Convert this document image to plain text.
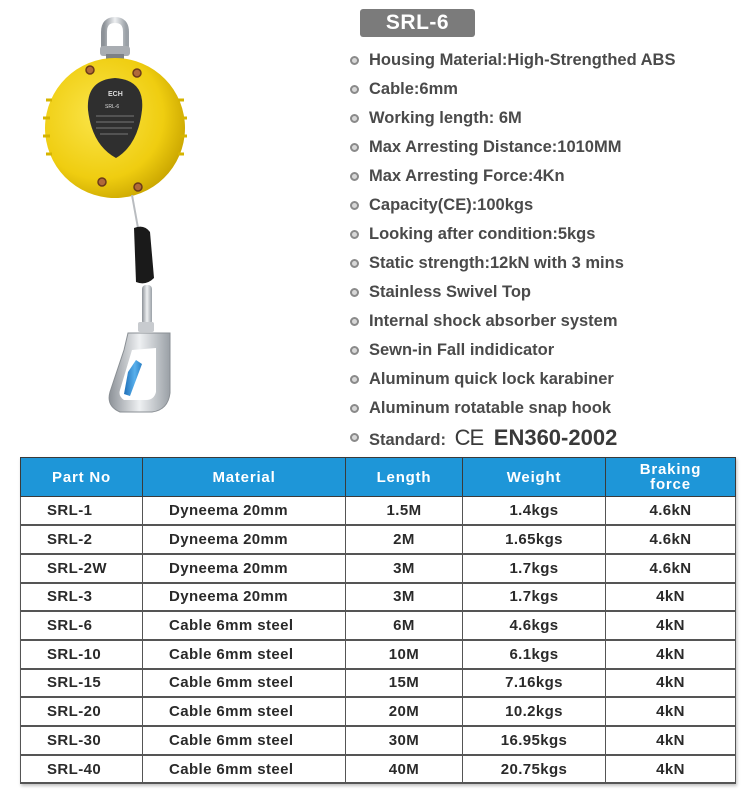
ECH
SRL-6
SRL-6
Housing Material:High-Strengthed ABS
Cable:6mm
Working length: 6M
Max Arresting Distance:1010MM
Max Arresting Force:4Kn
Capacity(CE):100kgs
Looking after condition:5kgs
Static strength:12kN with 3 mins
Stainless Swivel Top
Internal shock absorber system
Sewn-in Fall indidicator
Aluminum quick lock karabiner
Aluminum rotatable snap hook
Standard: CE EN360-2002
Part No	Material	Length	Weight	Braking force
SRL-1	Dyneema 20mm	1.5M	1.4kgs	4.6kN
SRL-2	Dyneema 20mm	2M	1.65kgs	4.6kN
SRL-2W	Dyneema 20mm	3M	1.7kgs	4.6kN
SRL-3	Dyneema 20mm	3M	1.7kgs	4kN
SRL-6	Cable 6mm steel	6M	4.6kgs	4kN
SRL-10	Cable 6mm steel	10M	6.1kgs	4kN
SRL-15	Cable 6mm steel	15M	7.16kgs	4kN
SRL-20	Cable 6mm steel	20M	10.2kgs	4kN
SRL-30	Cable 6mm steel	30M	16.95kgs	4kN
SRL-40	Cable 6mm steel	40M	20.75kgs	4kN
